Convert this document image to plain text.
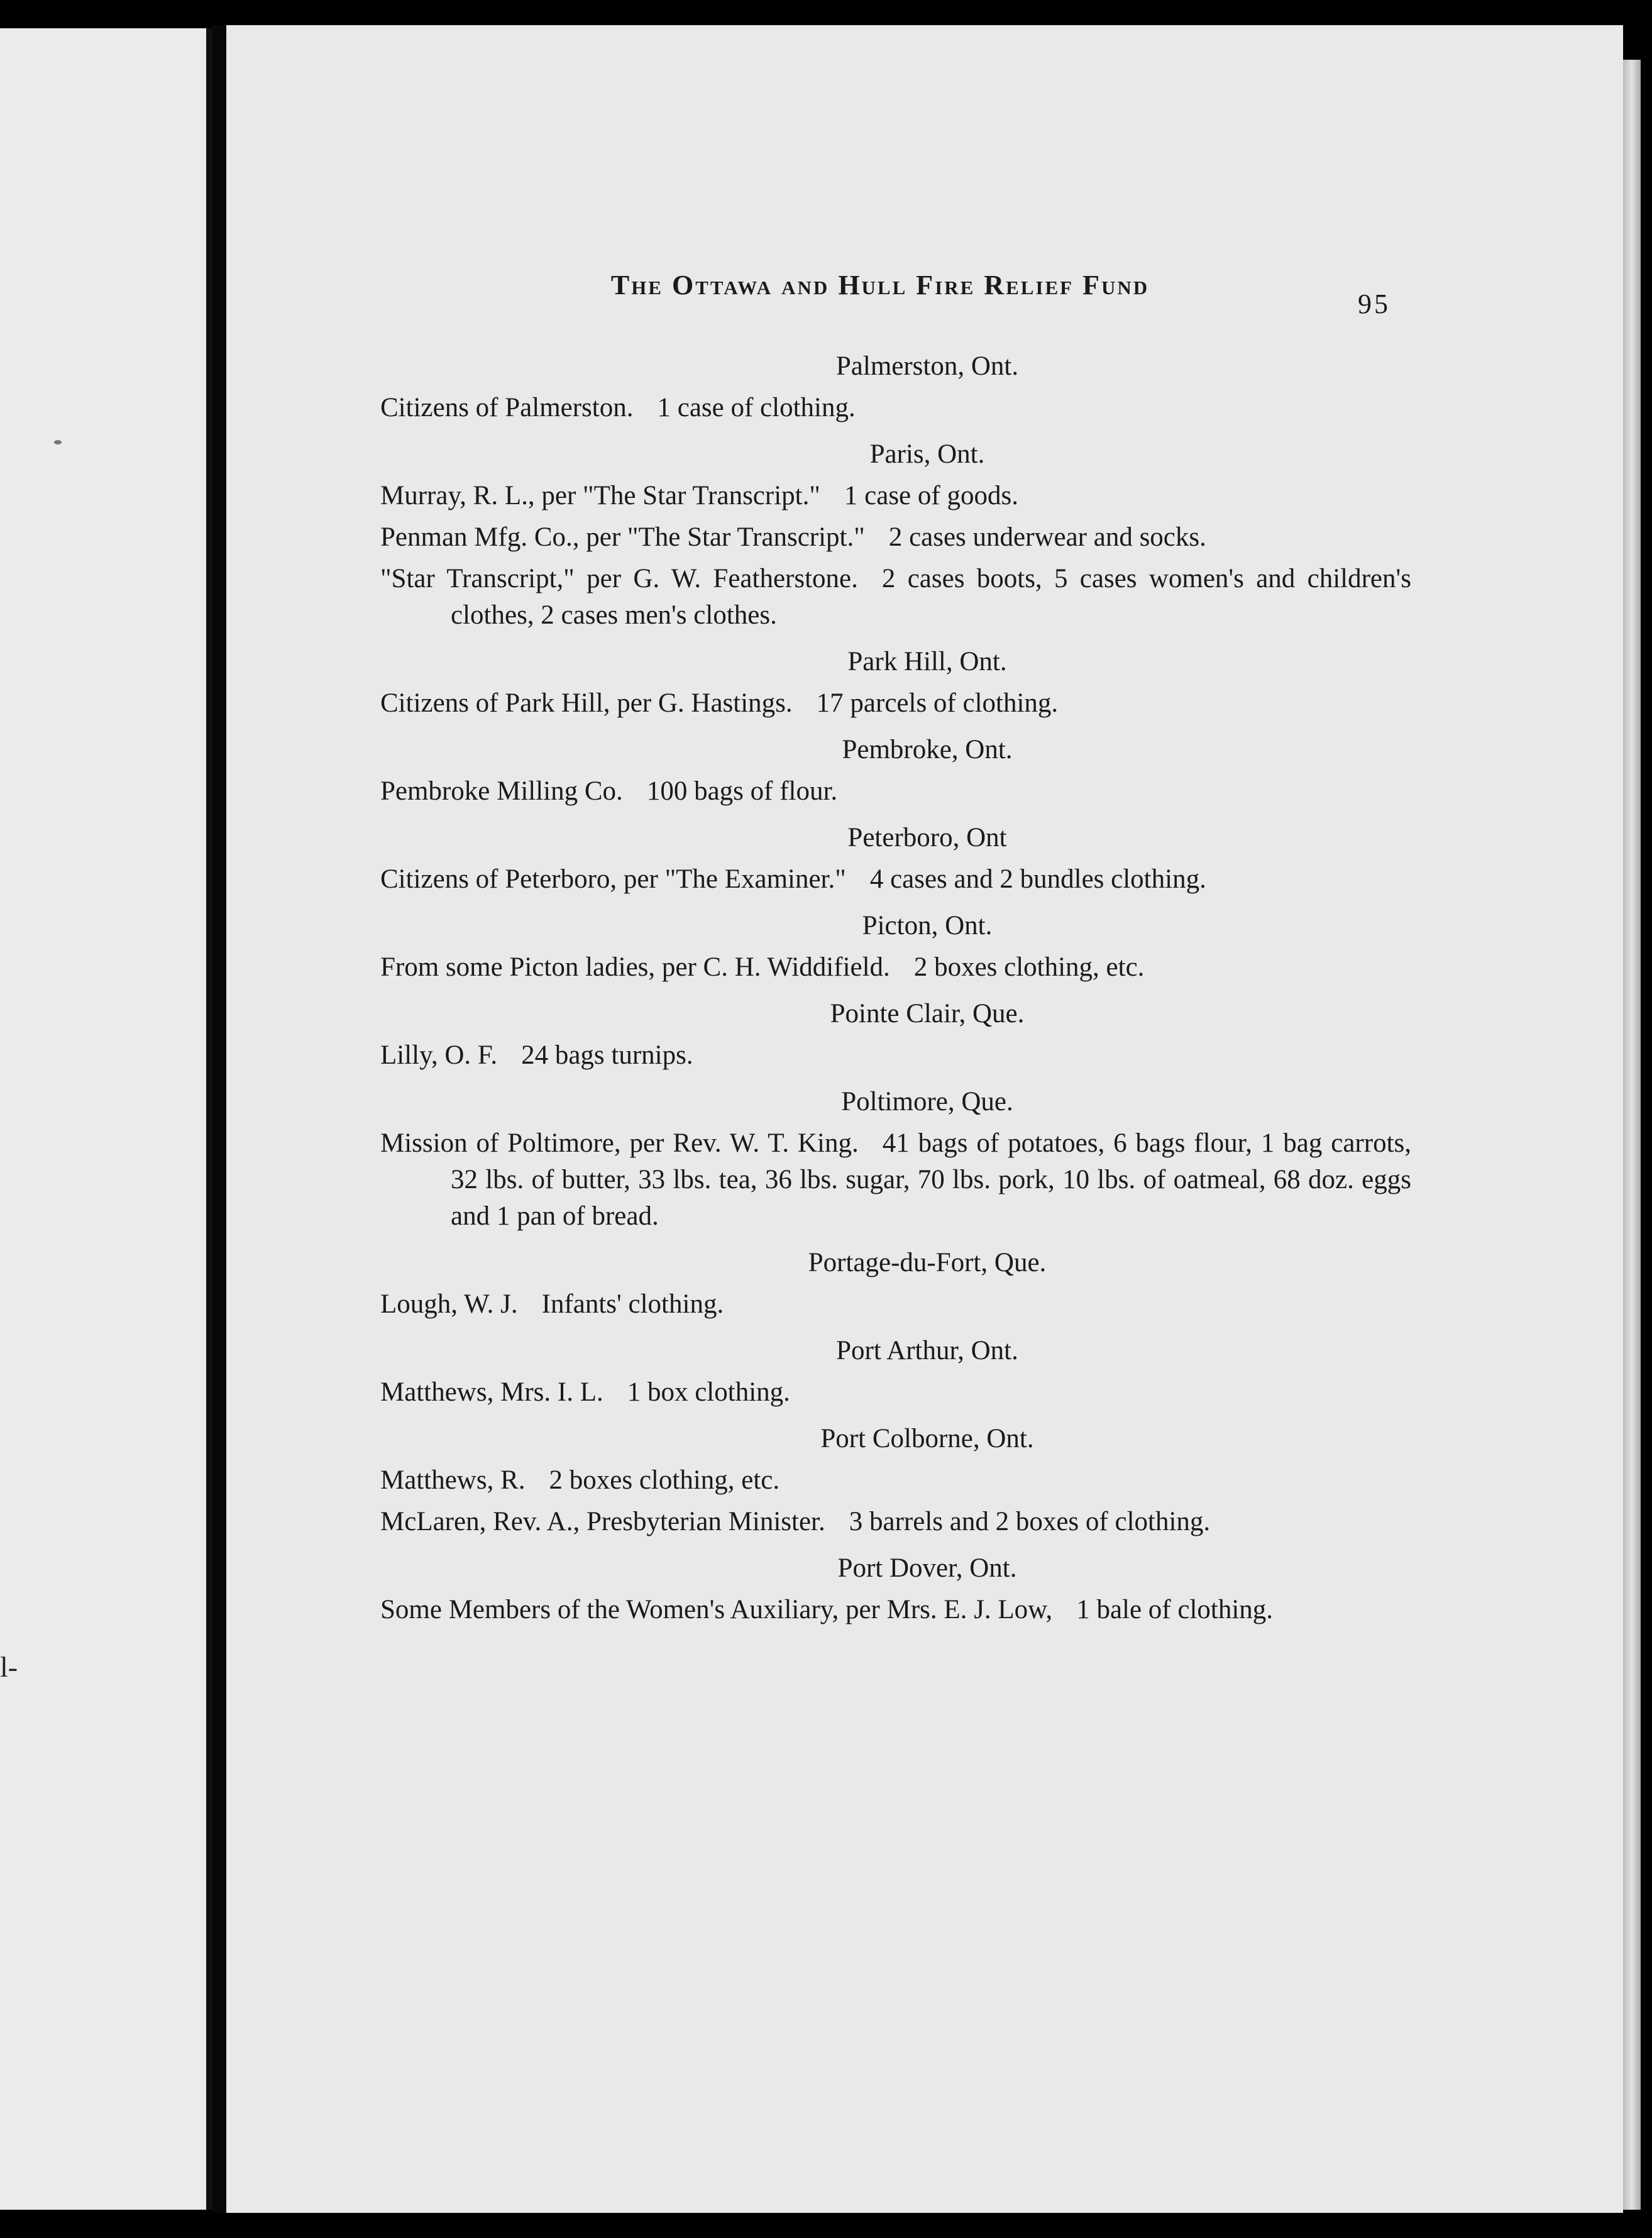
l-
The Ottawa and Hull Fire Relief Fund
95
Palmerston, Ont.
Citizens of Palmerston. 1 case of clothing.
Paris, Ont.
Murray, R. L., per "The Star Transcript." 1 case of goods.
Penman Mfg. Co., per "The Star Transcript." 2 cases underwear and socks.
"Star Transcript," per G. W. Featherstone. 2 cases boots, 5 cases women's and children's clothes, 2 cases men's clothes.
Park Hill, Ont.
Citizens of Park Hill, per G. Hastings. 17 parcels of clothing.
Pembroke, Ont.
Pembroke Milling Co. 100 bags of flour.
Peterboro, Ont
Citizens of Peterboro, per "The Examiner." 4 cases and 2 bundles clothing.
Picton, Ont.
From some Picton ladies, per C. H. Widdifield. 2 boxes clothing, etc.
Pointe Clair, Que.
Lilly, O. F. 24 bags turnips.
Poltimore, Que.
Mission of Poltimore, per Rev. W. T. King. 41 bags of potatoes, 6 bags flour, 1 bag carrots, 32 lbs. of butter, 33 lbs. tea, 36 lbs. sugar, 70 lbs. pork, 10 lbs. of oatmeal, 68 doz. eggs and 1 pan of bread.
Portage-du-Fort, Que.
Lough, W. J. Infants' clothing.
Port Arthur, Ont.
Matthews, Mrs. I. L. 1 box clothing.
Port Colborne, Ont.
Matthews, R. 2 boxes clothing, etc.
McLaren, Rev. A., Presbyterian Minister. 3 barrels and 2 boxes of clothing.
Port Dover, Ont.
Some Members of the Women's Auxiliary, per Mrs. E. J. Low, 1 bale of clothing.
